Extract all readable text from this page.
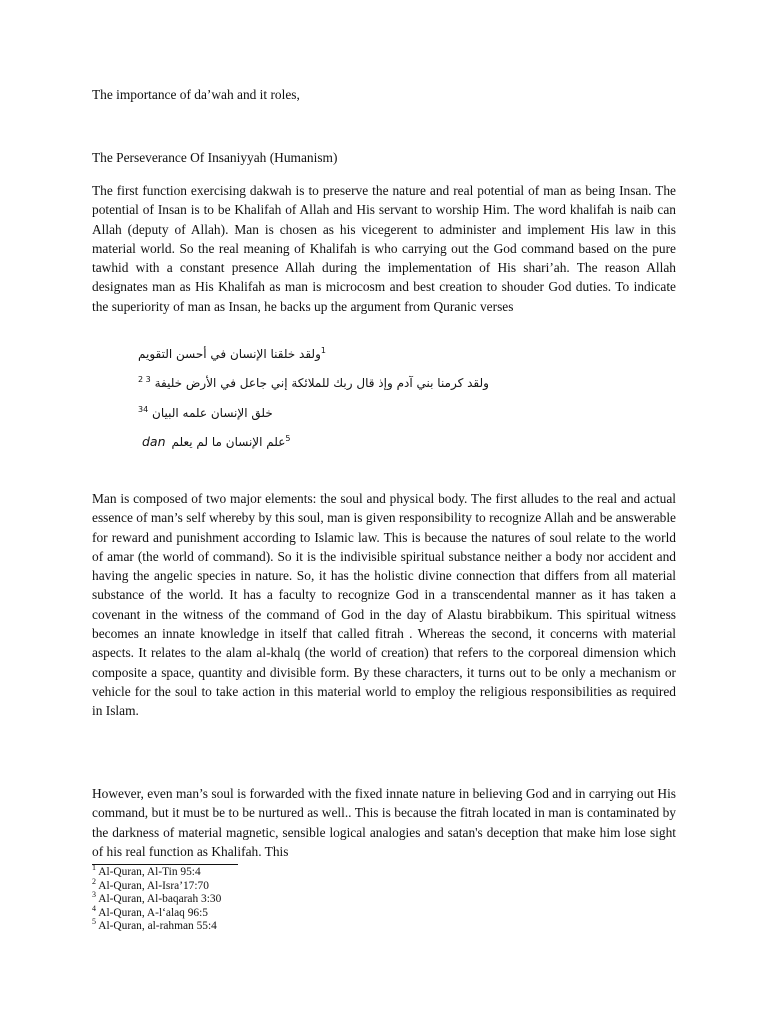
The importance of da’wah and it roles,
The Perseverance Of Insaniyyah (Humanism)

The first function exercising dakwah is to preserve the nature and real potential of man as being Insan. The potential of Insan is to be Khalifah of Allah and His servant to worship Him. The word khalifah is naib can Allah (deputy of Allah). Man is chosen as his vicegerent to administer and implement His law in this material world. So the real meaning of Khalifah is who carrying out the God command based on the pure tawhid with a constant presence Allah during the implementation of His shari’ah. The reason Allah designates man as His Khalifah as man is microcosm and best creation to shouder God duties. To indicate the superiority of man as Insan, he backs up the argument from Quranic verses

ولقد خلقنا الإنسان في أحسن التقويم$^1$
$^{2 3}$ ولقد كرمنا بني آدم وإذ قال ربك للملائكة إني جاعل في الأرض خليفة
$^{34}$ خلق الإنسان علمه البيان
dan علم الإنسان ما لم يعلم$^5$

Man is composed of two major elements: the soul and physical body. The first alludes to the real and actual essence of man’s self whereby by this soul, man is given responsibility to recognize Allah and be answerable for reward and punishment according to Islamic law. This is because the natures of soul relate to the world of amar (the world of command). So it is the indivisible spiritual substance neither a body nor accident and having the angelic species in nature. So, it has the holistic divine connection that differs from all material substance of the world. It has a faculty to recognize God in a transcendental manner as it has taken a covenant in the witness of the command of God in the day of Alastu birabbikum. This spiritual witness becomes an innate knowledge in itself that called fitrah . Whereas the second, it concerns with material aspects. It relates to the alam al-khalq (the world of creation) that refers to the corporeal dimension which composite a space, quantity and divisible form. By these characters, it turns out to be only a mechanism or vehicle for the soul to take action in this material world to employ the religious responsibilities as required in Islam.

However, even man’s soul is forwarded with the fixed innate nature in believing God and in carrying out His command, but it must be to be nurtured as well.. This is because the fitrah located in man is contaminated by the darkness of material magnetic, sensible logical analogies and satan's deception that make him lose sight of his real function as Khalifah. This

$^1$ Al-Quran, Al-Tin 95:4
$^2$ Al-Quran, Al-Isra’17:70
$^3$ Al-Quran, Al-baqarah 3:30
$^4$ Al-Quran, A-l‘alaq 96:5
$^5$ Al-Quran, al-rahman 55:4
